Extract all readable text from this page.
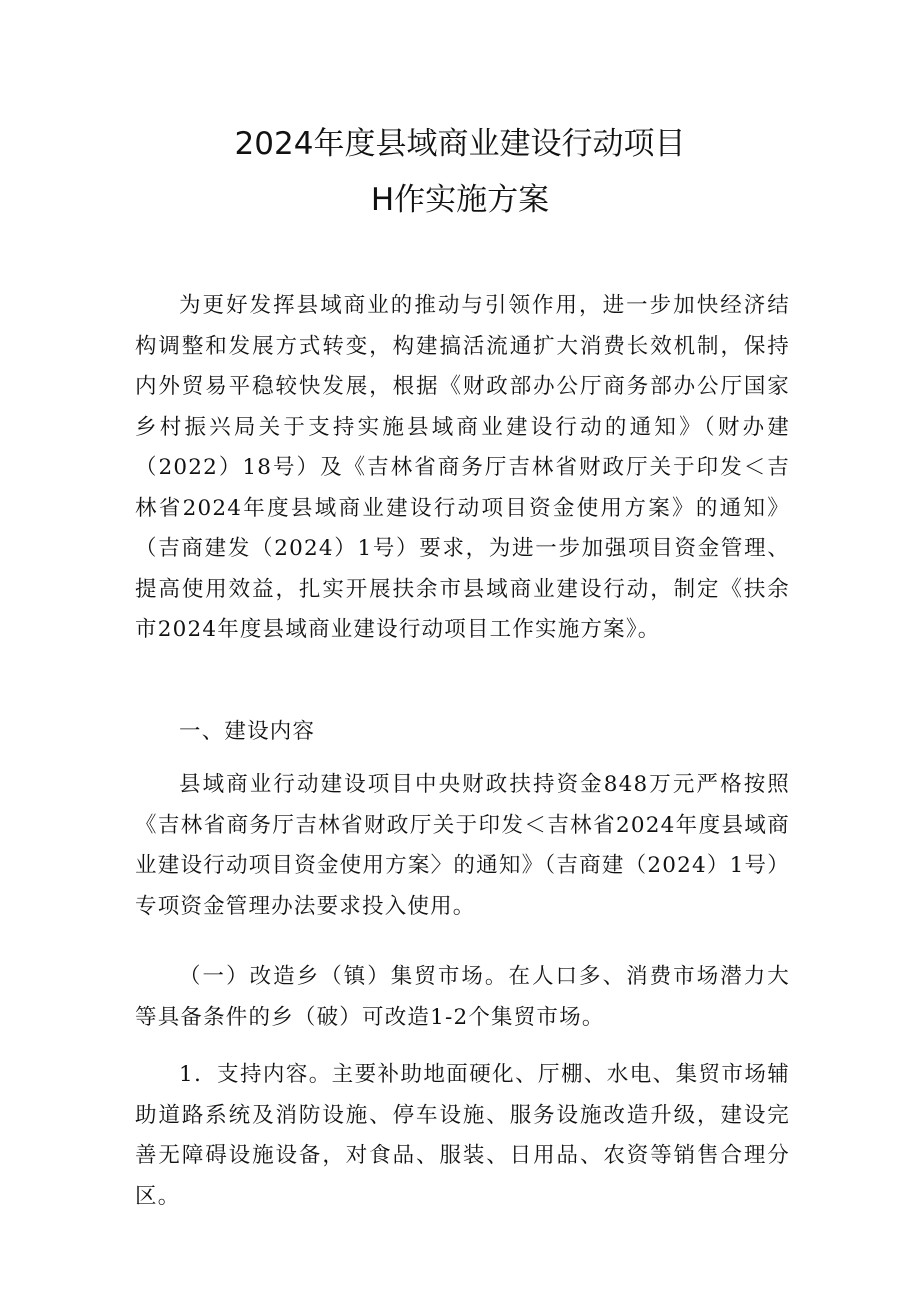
2024年度县域商业建设行动项目
H作实施方案

为更好发挥县域商业的推动与引领作用，进一步加快经济结构调整和发展方式转变，构建搞活流通扩大消费长效机制，保持内外贸易平稳较快发展，根据《财政部办公厅商务部办公厅国家乡村振兴局关于支持实施县域商业建设行动的通知》（财办建（2022）18号）及《吉林省商务厅吉林省财政厅关于印发＜吉林省2024年度县域商业建设行动项目资金使用方案》的通知》（吉商建发（2024）1号）要求，为进一步加强项目资金管理、提高使用效益，扎实开展扶余市县域商业建设行动，制定《扶余市2024年度县域商业建设行动项目工作实施方案》。

一、建设内容

县域商业行动建设项目中央财政扶持资金848万元严格按照《吉林省商务厅吉林省财政厅关于印发＜吉林省2024年度县域商业建设行动项目资金使用方案〉的通知》（吉商建（2024）1号）专项资金管理办法要求投入使用。

（一）改造乡（镇）集贸市场。在人口多、消费市场潜力大等具备条件的乡（破）可改造1-2个集贸市场。

1．支持内容。主要补助地面硬化、厅棚、水电、集贸市场辅助道路系统及消防设施、停车设施、服务设施改造升级，建设完善无障碍设施设备，对食品、服装、日用品、农资等销售合理分区。
